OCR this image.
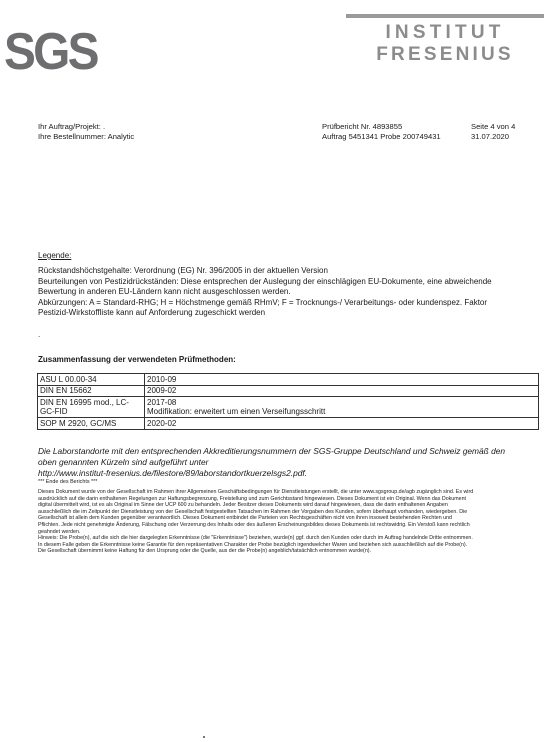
SGS	INSTITUT
FRESENIUS
Ihr Auftrag/Projekt: .
Ihre Bestellnummer: Analytic
Prüfbericht Nr. 4893855
Auftrag 5451341 Probe 200749431
Seite 4 von 4
31.07.2020
Legende:
Rückstandshöchstgehalte: Verordnung (EG) Nr. 396/2005 in der aktuellen Version
Beurteilungen von Pestizidrückständen: Diese entsprechen der Auslegung der einschlägigen EU-Dokumente, eine abweichende
Bewertung in anderen EU-Ländern kann nicht ausgeschlossen werden.
Abkürzungen: A = Standard-RHG; H = Höchstmenge gemäß RHmV; F = Trocknungs-/ Verarbeitungs- oder kundenspez. Faktor
Pestizid-Wirkstoffliste kann auf Anforderung zugeschickt werden
.
Zusammenfassung der verwendeten Prüfmethoden:
ASU L 00.00-34	2010-09
DIN EN 15662	2009-02
DIN EN 16995 mod., LC-GC-FID	2017-08
Modifikation: erweitert um einen Verseifungsschritt

SOP M 2920, GC/MS	2020-02
Die Laborstandorte mit den entsprechenden Akkreditierungsnummern der SGS-Gruppe Deutschland und Schweiz gemäß den
oben genannten Kürzeln sind aufgeführt unter
http://www.institut-fresenius.de/filestore/89/laborstandortkuerzelsgs2.pdf.
*** Ende des Berichts ***
Dieses Dokument wurde von der Gesellschaft im Rahmen ihrer Allgemeinen Geschäftsbedingungen für Dienstleistungen erstellt, die unter www.sgsgroup.de/agb zugänglich sind. Es wird
ausdrücklich auf die darin enthaltenen Regelungen zur Haftungsbegrenzung, Freistellung und zum Gerichtsstand hingewiesen. Dieses Dokument ist ein Original. Wenn das Dokument
digital übermittelt wird, ist es als Original im Sinne der UCP 600 zu behandeln. Jeder Besitzer dieses Dokuments wird darauf hingewiesen, dass die darin enthaltenen Angaben
ausschließlich die im Zeitpunkt der Dienstleistung von der Gesellschaft festgestellten Tatsachen im Rahmen der Vorgaben des Kunden, sofern überhaupt vorhanden, wiedergeben. Die
Gesellschaft ist allein dem Kunden gegenüber verantwortlich. Dieses Dokument entbindet die Parteien von Rechtsgeschäften nicht von ihren insoweit bestehenden Rechten und
Pflichten. Jede nicht genehmigte Änderung, Fälschung oder Verzerrung des Inhalts oder des äußeren Erscheinungsbildes dieses Dokuments ist rechtswidrig. Ein Verstoß kann rechtlich
geahndet werden.
Hinweis: Die Probe(n), auf die sich die hier dargelegten Erkenntnisse (die "Erkenntnisse") beziehen, wurde(n) ggf. durch den Kunden oder durch im Auftrag handelnde Dritte entnommen.
In diesem Falle geben die Erkenntnisse keine Garantie für den repräsentativen Charakter der Probe bezüglich irgendwelcher Waren und beziehen sich ausschließlich auf die Probe(n).
Die Gesellschaft übernimmt keine Haftung für den Ursprung oder die Quelle, aus der die Probe(n) angeblich/tatsächlich entnommen wurde(n).
